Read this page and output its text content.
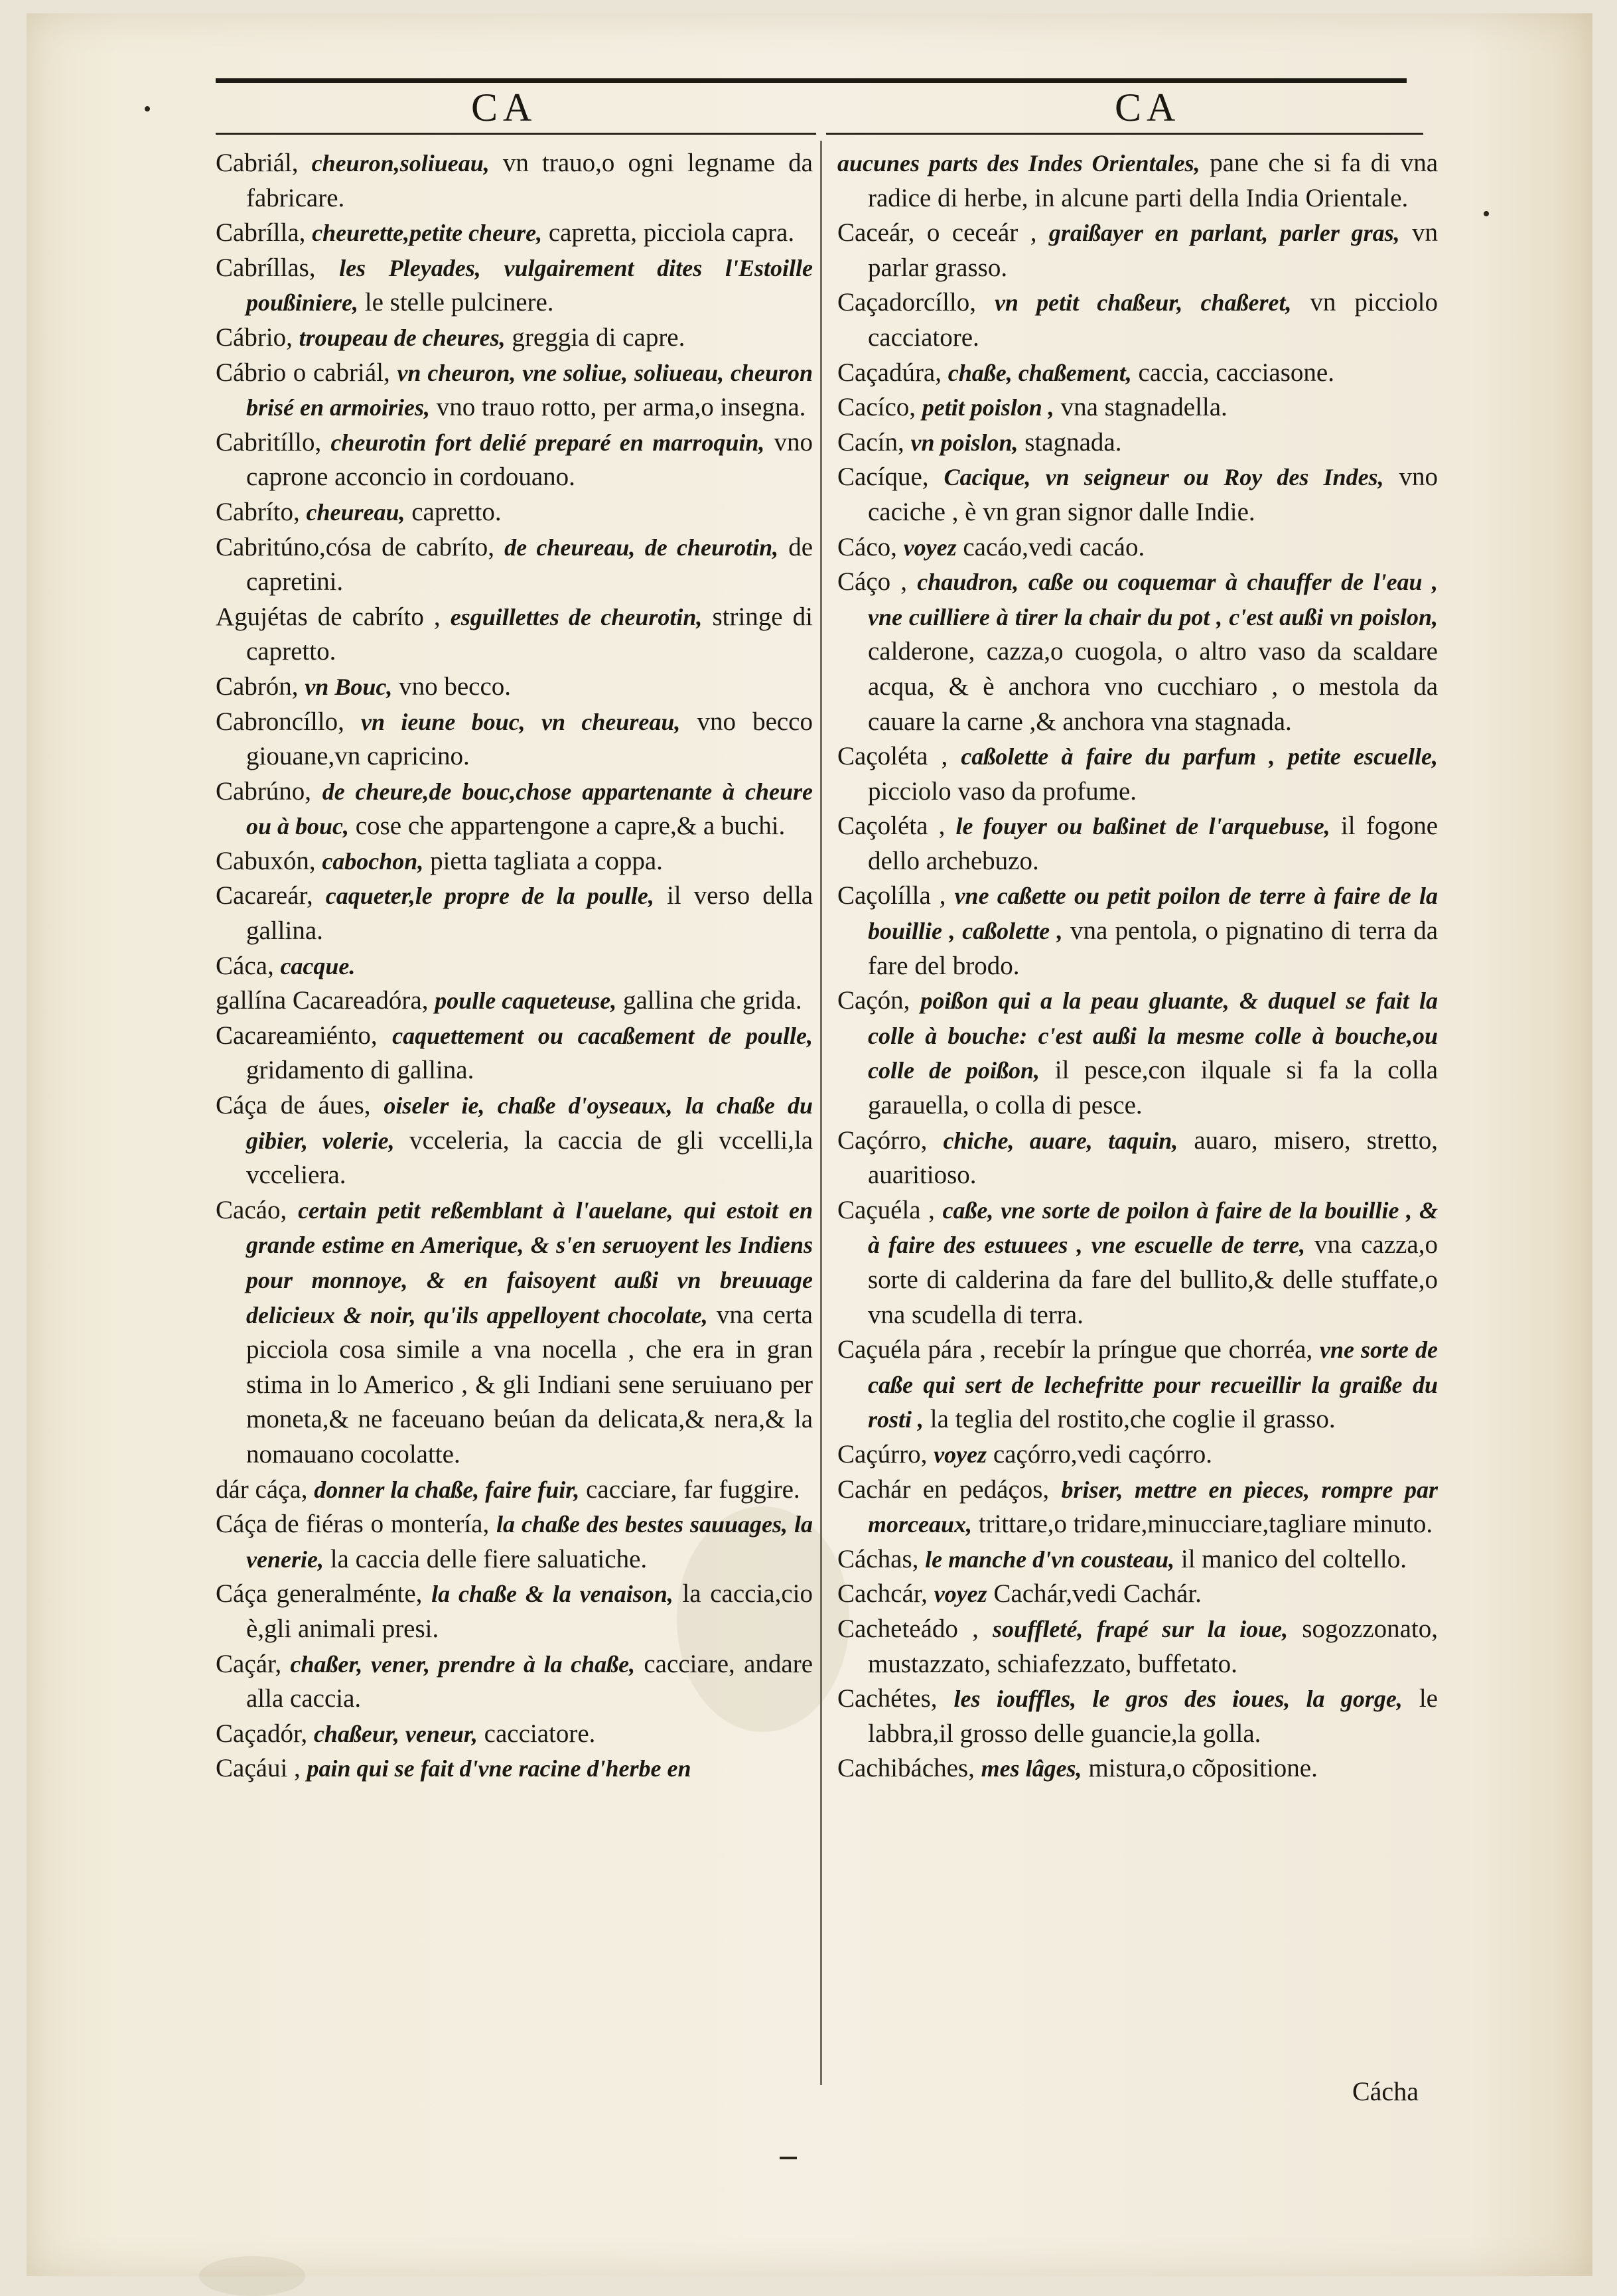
CA	CA

Cabriál, cheuron,soliueau, vn trauo,o ogni legname da fabricare.

Cabrílla, cheurette,petite cheure, capretta, picciola capra.

Cabríllas, les Pleyades, vulgairement dites l'Estoille poußiniere, le stelle pulcinere.

Cábrio, troupeau de cheures, greggia di capre.

Cábrio o cabriál, vn cheuron, vne soliue, soliueau, cheuron brisé en armoiries, vno trauo rotto, per arma,o insegna.

Cabritíllo, cheurotin fort delié preparé en marroquin, vno caprone acconcio in cordouano.

Cabríto, cheureau, capretto.

Cabritúno,cósa de cabríto, de cheureau, de cheurotin, de capretini.

Agujétas de cabríto , esguillettes de cheurotin, stringe di capretto.

Cabrón, vn Bouc, vno becco.

Cabroncíllo, vn ieune bouc, vn cheureau, vno becco giouane,vn capricino.

Cabrúno, de cheure,de bouc,chose appartenante à cheure ou à bouc, cose che appartengone a capre,& a buchi.

Cabuxón, cabochon, pietta tagliata a coppa.

Cacareár, caqueter,le propre de la poulle, il verso della gallina.

Cáca, cacque.

gallína Cacareadóra, poulle caqueteuse, gallina che grida.

Cacareamiénto, caquettement ou cacaßement de poulle, gridamento di gallina.

Cáça de áues, oiseler ie, chaße d'oyseaux, la chaße du gibier, volerie, vcceleria, la caccia de gli vccelli,la vcceliera.

Cacáo, certain petit reßemblant à l'auelane, qui estoit en grande estime en Amerique, & s'en seruoyent les Indiens pour monnoye, & en faisoyent außi vn breuuage delicieux & noir, qu'ils appelloyent chocolate, vna certa picciola cosa simile a vna nocella , che era in gran stima in lo Americo , & gli Indiani sene seruiuano per moneta,& ne faceuano beúan da delicata,& nera,& la nomauano cocolatte.

dár cáça, donner la chaße, faire fuir, cacciare, far fuggire.

Cáça de fiéras o montería, la chaße des bestes sauuages, la venerie, la caccia delle fiere saluatiche.

Cáça generalménte, la chaße & la venaison, la caccia,cio è,gli animali presi.

Caçár, chaßer, vener, prendre à la chaße, cacciare, andare alla caccia.

Caçadór, chaßeur, veneur, cacciatore.

Caçáui , pain qui se fait d'vne racine d'herbe en

aucunes parts des Indes Orientales, pane che si fa di vna radice di herbe, in alcune parti della India Orientale.

Caceár, o ceceár , graißayer en parlant, parler gras, vn parlar grasso.

Caçadorcíllo, vn petit chaßeur, chaßeret, vn picciolo cacciatore.

Caçadúra, chaße, chaßement, caccia, cacciasone.

Cacíco, petit poislon , vna stagnadella.

Cacín, vn poislon, stagnada.

Cacíque, Cacique, vn seigneur ou Roy des Indes, vno caciche , è vn gran signor dalle Indie.

Cáco, voyez cacáo,vedi cacáo.

Cáço , chaudron, caße ou coquemar à chauffer de l'eau , vne cuilliere à tirer la chair du pot , c'est außi vn poislon, calderone, cazza,o cuogola, o altro vaso da scaldare acqua, & è anchora vno cucchiaro , o mestola da cauare la carne ,& anchora vna stagnada.

Caçoléta , caßolette à faire du parfum , petite escuelle, picciolo vaso da profume.

Caçoléta , le fouyer ou baßinet de l'arquebuse, il fogone dello archebuzo.

Caçolílla , vne caßette ou petit poilon de terre à faire de la bouillie , caßolette , vna pentola, o pignatino di terra da fare del brodo.

Caçón, poißon qui a la peau gluante, & duquel se fait la colle à bouche: c'est außi la mesme colle à bouche,ou colle de poißon, il pesce,con ilquale si fa la colla garauella, o colla di pesce.

Caçórro, chiche, auare, taquin, auaro, misero, stretto, auaritioso.

Caçuéla , caße, vne sorte de poilon à faire de la bouillie , & à faire des estuuees , vne escuelle de terre, vna cazza,o sorte di calderina da fare del bullito,& delle stuffate,o vna scudella di terra.

Caçuéla pára , recebír la príngue que chorréa, vne sorte de caße qui sert de lechefritte pour recueillir la graiße du rosti , la teglia del rostito,che coglie il grasso.

Caçúrro, voyez caçórro,vedi caçórro.

Cachár en pedáços, briser, mettre en pieces, rompre par morceaux, trittare,o tridare,minucciare,tagliare minuto.

Cáchas, le manche d'vn cousteau, il manico del coltello.

Cachcár, voyez Cachár,vedi Cachár.

Cacheteádo , souffleté, frapé sur la ioue, sogozzonato, mustazzato, schiafezzato, buffetato.

Cachétes, les iouffles, le gros des ioues, la gorge, le labbra,il grosso delle guancie,la golla.

Cachibáches, mes lâges, mistura,o cõpositione.

Cácha
